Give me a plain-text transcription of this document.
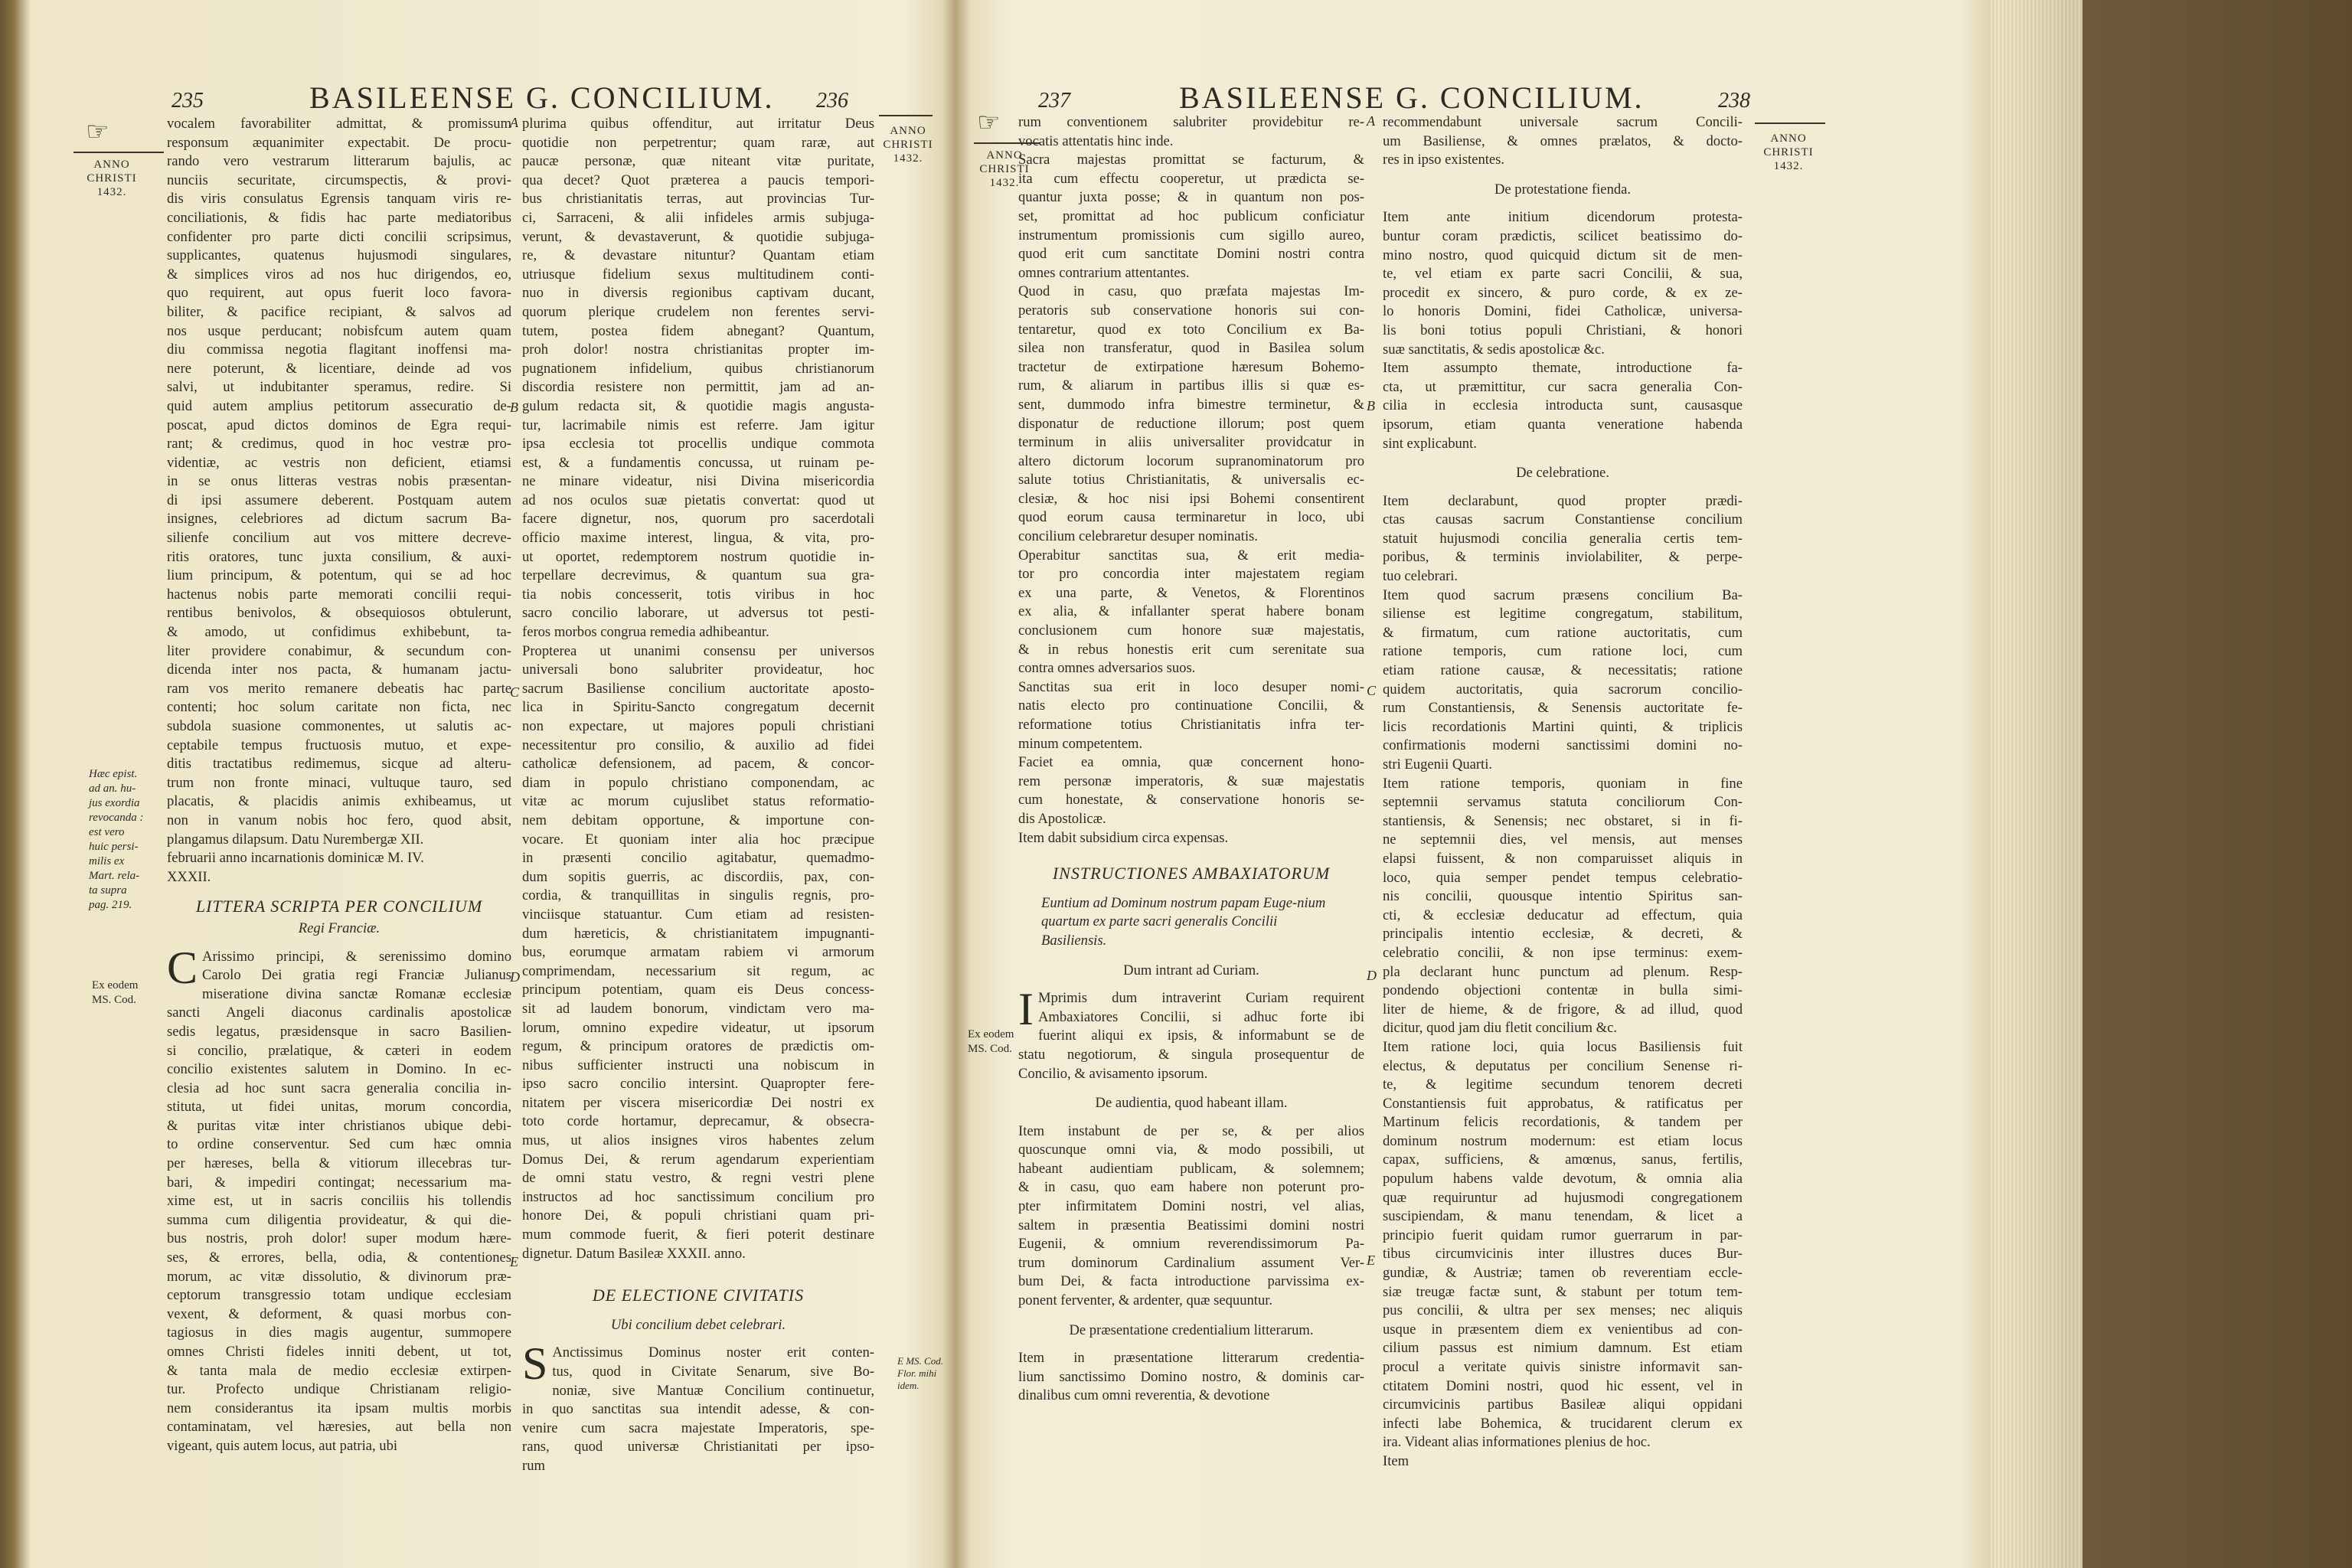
235	BASILEENSE G. CONCILIUM. 236
☞
ANNO
CHRISTI
1432.
ANNO
CHRISTI
1432.
Hæc epist.
ad an. hu-
jus exordia
revocanda :
est vero
huic persi-
milis ex
Mart. rela-
ta supra
pag. 219.
Ex eodem
MS. Cod.
vocalem favorabiliter admittat, & promissum
responsum æquanimiter expectabit. De procu-
rando vero vestrarum litterarum bajulis, ac
nunciis securitate, circumspectis, & provi-
dis viris consulatus Egrensis tanquam viris re-
conciliationis, & fidis hac parte mediatoribus
confidenter pro parte dicti concilii scripsimus,
supplicantes, quatenus hujusmodi singulares,
& simplices viros ad nos huc dirigendos, eo,
quo requirent, aut opus fuerit loco favora-
biliter, & pacifice recipiant, & salvos ad
nos usque perducant; nobisfcum autem quam
diu commissa negotia flagitant inoffensi ma-
nere poterunt, & licentiare, deinde ad vos
salvi, ut indubitanter speramus, redire. Si
quid autem amplius petitorum assecuratio de-
poscat, apud dictos dominos de Egra requi-
rant; & credimus, quod in hoc vestræ pro-
videntiæ, ac vestris non deficient, etiamsi
in se onus litteras vestras nobis præsentan-
di ipsi assumere deberent. Postquam autem
insignes, celebriores ad dictum sacrum Ba-
silienfe concilium aut vos mittere decreve-
ritis oratores, tunc juxta consilium, & auxi-
lium principum, & potentum, qui se ad hoc
hactenus nobis parte memorati concilii requi-
rentibus benivolos, & obsequiosos obtulerunt,
& amodo, ut confidimus exhibebunt, ta-
liter providere conabimur, & secundum con-
dicenda inter nos pacta, & humanam jactu-
ram vos merito remanere debeatis hac parte
contenti; hoc solum caritate non ficta, nec
subdola suasione commonentes, ut salutis ac-
ceptabile tempus fructuosis mutuo, et expe-
ditis tractatibus redimemus, sicque ad alteru-
trum non fronte minaci, vultuque tauro, sed
placatis, & placidis animis exhibeamus, ut
non in vanum nobis hoc fero, quod absit,
plangamus dilapsum. Datu Nurembergæ XII.
februarii anno incarnationis dominicæ M. IV.
XXXII.
LITTERA SCRIPTA PER CONCILIUM
Regi Franciæ.
C Arissimo principi, & serenissimo domino
Carolo Dei gratia regi Franciæ Julianus
miseratione divina sanctæ Romanæ ecclesiæ
sancti Angeli diaconus cardinalis apostolicæ
sedis legatus, præsidensque in sacro Basilien-
si concilio, prælatique, & cæteri in eodem
concilio existentes salutem in Domino. In ec-
clesia ad hoc sunt sacra generalia concilia in-
stituta, ut fidei unitas, morum concordia,
& puritas vitæ inter christianos ubique debi-
to ordine conserventur. Sed cum hæc omnia
per hæreses, bella & vitiorum illecebras tur-
bari, & impediri contingat; necessarium ma-
xime est, ut in sacris conciliis his tollendis
summa cum diligentia provideatur, & qui die-
bus nostris, proh dolor! super modum hære-
ses, & errores, bella, odia, & contentiones
morum, ac vitæ dissolutio, & divinorum præ-
ceptorum transgressio totam undique ecclesiam
vexent, & deforment, & quasi morbus con-
tagiosus in dies magis augentur, summopere
omnes Christi fideles inniti debent, ut tot,
& tanta mala de medio ecclesiæ extirpen-
tur. Profecto undique Christianam religio-
nem considerantus ita ipsam multis morbis
contaminatam, vel hæresies, aut bella non
vigeant, quis autem locus, aut patria, ubi
plurima quibus offenditur, aut irritatur Deus
quotidie non perpetrentur; quam raræ, aut
paucæ personæ, quæ niteant vitæ puritate,
qua decet? Quot præterea a paucis tempori-
bus christianitatis terras, aut provincias Tur-
ci, Sarraceni, & alii infideles armis subjuga-
verunt, & devastaverunt, & quotidie subjuga-
re, & devastare nituntur? Quantam etiam
utriusque fidelium sexus multitudinem conti-
nuo in diversis regionibus captivam ducant,
quorum plerique crudelem non ferentes servi-
tutem, postea fidem abnegant? Quantum,
proh dolor! nostra christianitas propter im-
pugnationem infidelium, quibus christianorum
discordia resistere non permittit, jam ad an-
gulum redacta sit, & quotidie magis angusta-
tur, lacrimabile nimis est referre. Jam igitur
ipsa ecclesia tot procellis undique commota
est, & a fundamentis concussa, ut ruinam pe-
ne minare videatur, nisi Divina misericordia
ad nos oculos suæ pietatis convertat: quod ut
facere dignetur, nos, quorum pro sacerdotali
officio maxime interest, lingua, & vita, pro-
ut oportet, redemptorem nostrum quotidie in-
terpellare decrevimus, & quantum sua gra-
tia nobis concesserit, totis viribus in hoc
sacro concilio laborare, ut adversus tot pesti-
feros morbos congrua remedia adhibeantur.
Propterea ut unanimi consensu per universos
universali bono salubriter provideatur, hoc
sacrum Basiliense concilium auctoritate aposto-
lica in Spiritu-Sancto congregatum decernit
non expectare, ut majores populi christiani
necessitentur pro consilio, & auxilio ad fidei
catholicæ defensionem, ad pacem, & concor-
diam in populo christiano componendam, ac
vitæ ac morum cujuslibet status reformatio-
nem debitam opportune, & importune con-
vocare. Et quoniam inter alia hoc præcipue
in præsenti concilio agitabatur, quemadmo-
dum sopitis guerris, ac discordiis, pax, con-
cordia, & tranquillitas in singulis regnis, pro-
vinciisque statuantur. Cum etiam ad resisten-
dum hæreticis, & christianitatem impugnanti-
bus, eorumque armatam rabiem vi armorum
comprimendam, necessarium sit regum, ac
principum potentiam, quam eis Deus concess-
sit ad laudem bonorum, vindictam vero ma-
lorum, omnino expedire videatur, ut ipsorum
regum, & principum oratores de prædictis om-
nibus sufficienter instructi una nobiscum in
ipso sacro concilio intersint. Quapropter fere-
nitatem per viscera misericordiæ Dei nostri ex
toto corde hortamur, deprecamur, & obsecra-
mus, ut alios insignes viros habentes zelum
Domus Dei, & rerum agendarum experientiam
de omni statu vestro, & regni vestri plene
instructos ad hoc sanctissimum concilium pro
honore Dei, & populi christiani quam pri-
mum commode fuerit, & fieri poterit destinare
dignetur. Datum Basileæ XXXII. anno.
DE ELECTIONE CIVITATIS
Ubi concilium debet celebrari.
S Anctissimus Dominus noster erit conten-
tus, quod in Civitate Senarum, sive Bo-
noniæ, sive Mantuæ Concilium continuetur,
in quo sanctitas sua intendit adesse, & con-
venire cum sacra majestate Imperatoris, spe-
rans, quod universæ Christianitati per ipso-
rum
E MS. Cod.
Flor. mihi
idem.
A
B
C
D
E
237	BASILEENSE G. CONCILIUM.	238
☞
ANNO
CHRISTI
1432.
ANNO
CHRISTI
1432.
Ex eodem
MS. Cod.
rum conventionem salubriter providebitur re-
vocatis attentatis hinc inde.
Sacra majestas promittat se facturum, &
ita cum effectu cooperetur, ut prædicta se-
quantur juxta posse; & in quantum non pos-
set, promittat ad hoc publicum conficiatur
instrumentum promissionis cum sigillo aureo,
quod erit cum sanctitate Domini nostri contra
omnes contrarium attentantes.
Quod in casu, quo præfata majestas Im-
peratoris sub conservatione honoris sui con-
tentaretur, quod ex toto Concilium ex Ba-
silea non transferatur, quod in Basilea solum
tractetur de extirpatione hæresum Bohemo-
rum, & aliarum in partibus illis si quæ es-
sent, dummodo infra bimestre terminetur, &
disponatur de reductione illorum; post quem
terminum in aliis universaliter providcatur in
altero dictorum locorum supranominatorum pro
salute totius Christianitatis, & universalis ec-
clesiæ, & hoc nisi ipsi Bohemi consentirent
quod eorum causa terminaretur in loco, ubi
concilium celebraretur desuper nominatis.
Operabitur sanctitas sua, & erit media-
tor pro concordia inter majestatem regiam
ex una parte, & Venetos, & Florentinos
ex alia, & infallanter sperat habere bonam
conclusionem cum honore suæ majestatis,
& in rebus honestis erit cum serenitate sua
contra omnes adversarios suos.
Sanctitas sua erit in loco desuper nomi-
natis electo pro continuatione Concilii, &
reformatione totius Christianitatis infra ter-
minum competentem.
Faciet ea omnia, quæ concernent hono-
rem personæ imperatoris, & suæ majestatis
cum honestate, & conservatione honoris se-
dis Apostolicæ.
Item dabit subsidium circa expensas.
INSTRUCTIONES AMBAXIATORUM
Euntium ad Dominum nostrum papam Euge-nium quartum ex parte sacri generalis Concilii Basiliensis.
Dum intrant ad Curiam.
I Mprimis dum intraverint Curiam requirent
Ambaxiatores Concilii, si adhuc forte ibi
fuerint aliqui ex ipsis, & informabunt se de
statu negotiorum, & singula prosequentur de
Concilio, & avisamento ipsorum.
De audientia, quod habeant illam.
Item instabunt de per se, & per alios
quoscunque omni via, & modo possibili, ut
habeant audientiam publicam, & solemnem;
& in casu, quo eam habere non poterunt pro-
pter infirmitatem Domini nostri, vel alias,
saltem in præsentia Beatissimi domini nostri
Eugenii, & omnium reverendissimorum Pa-
trum dominorum Cardinalium assument Ver-
bum Dei, & facta introductione parvissima ex-
ponent ferventer, & ardenter, quæ sequuntur.
De præsentatione credentialium litterarum.
Item in præsentatione litterarum credentia-
lium sanctissimo Domino nostro, & dominis car-
dinalibus cum omni reverentia, & devotione
recommendabunt universale sacrum Concili-
um Basiliense, & omnes prælatos, & docto-
res in ipso existentes.
De protestatione fienda.
Item ante initium dicendorum protesta-
buntur coram prædictis, scilicet beatissimo do-
mino nostro, quod quicquid dictum sit de men-
te, vel etiam ex parte sacri Concilii, & sua,
procedit ex sincero, & puro corde, & ex ze-
lo honoris Domini, fidei Catholicæ, universa-
lis boni totius populi Christiani, & honori
suæ sanctitatis, & sedis apostolicæ &c.
Item assumpto themate, introductione fa-
cta, ut præmittitur, cur sacra generalia Con-
cilia in ecclesia introducta sunt, causasque
ipsorum, etiam quanta veneratione habenda
sint explicabunt.
De celebratione.
Item declarabunt, quod propter prædi-
ctas causas sacrum Constantiense concilium
statuit hujusmodi concilia generalia certis tem-
poribus, & terminis inviolabiliter, & perpe-
tuo celebrari.
Item quod sacrum præsens concilium Ba-
siliense est legitime congregatum, stabilitum,
& firmatum, cum ratione auctoritatis, cum
ratione temporis, cum ratione loci, cum
etiam ratione causæ, & necessitatis; ratione
quidem auctoritatis, quia sacrorum concilio-
rum Constantiensis, & Senensis auctoritate fe-
licis recordationis Martini quinti, & triplicis
confirmationis moderni sanctissimi domini no-
stri Eugenii Quarti.
Item ratione temporis, quoniam in fine
septemnii servamus statuta conciliorum Con-
stantiensis, & Senensis; nec obstaret, si in fi-
ne septemnii dies, vel mensis, aut menses
elapsi fuissent, & non comparuisset aliquis in
loco, quia semper pendet tempus celebratio-
nis concilii, quousque intentio Spiritus san-
cti, & ecclesiæ deducatur ad effectum, quia
principalis intentio ecclesiæ, & decreti, &
celebratio concilii, & non ipse terminus: exem-
pla declarant hunc punctum ad plenum. Resp-
pondendo objectioni contentæ in bulla simi-
liter de hieme, & de frigore, & ad illud, quod
dicitur, quod jam diu fletit concilium &c.
Item ratione loci, quia locus Basiliensis fuit
electus, & deputatus per concilium Senense ri-
te, & legitime secundum tenorem decreti
Constantiensis fuit approbatus, & ratificatus per
Martinum felicis recordationis, & tandem per
dominum nostrum modernum: est etiam locus
capax, sufficiens, & amœnus, sanus, fertilis,
populum habens valde devotum, & omnia alia
quæ requiruntur ad hujusmodi congregationem
suscipiendam, & manu tenendam, & licet a
principio fuerit quidam rumor guerrarum in par-
tibus circumvicinis inter illustres duces Bur-
gundiæ, & Austriæ; tamen ob reverentiam eccle-
siæ treugæ factæ sunt, & stabunt per totum tem-
pus concilii, & ultra per sex menses; nec aliquis
usque in præsentem diem ex venientibus ad con-
cilium passus est nimium damnum. Est etiam
procul a veritate quivis sinistre informavit san-
ctitatem Domini nostri, quod hic essent, vel in
circumvicinis partibus Basileæ aliqui oppidani
infecti labe Bohemica, & trucidarent clerum ex
ira. Videant alias informationes plenius de hoc.
Item
A
B
C
D
E
